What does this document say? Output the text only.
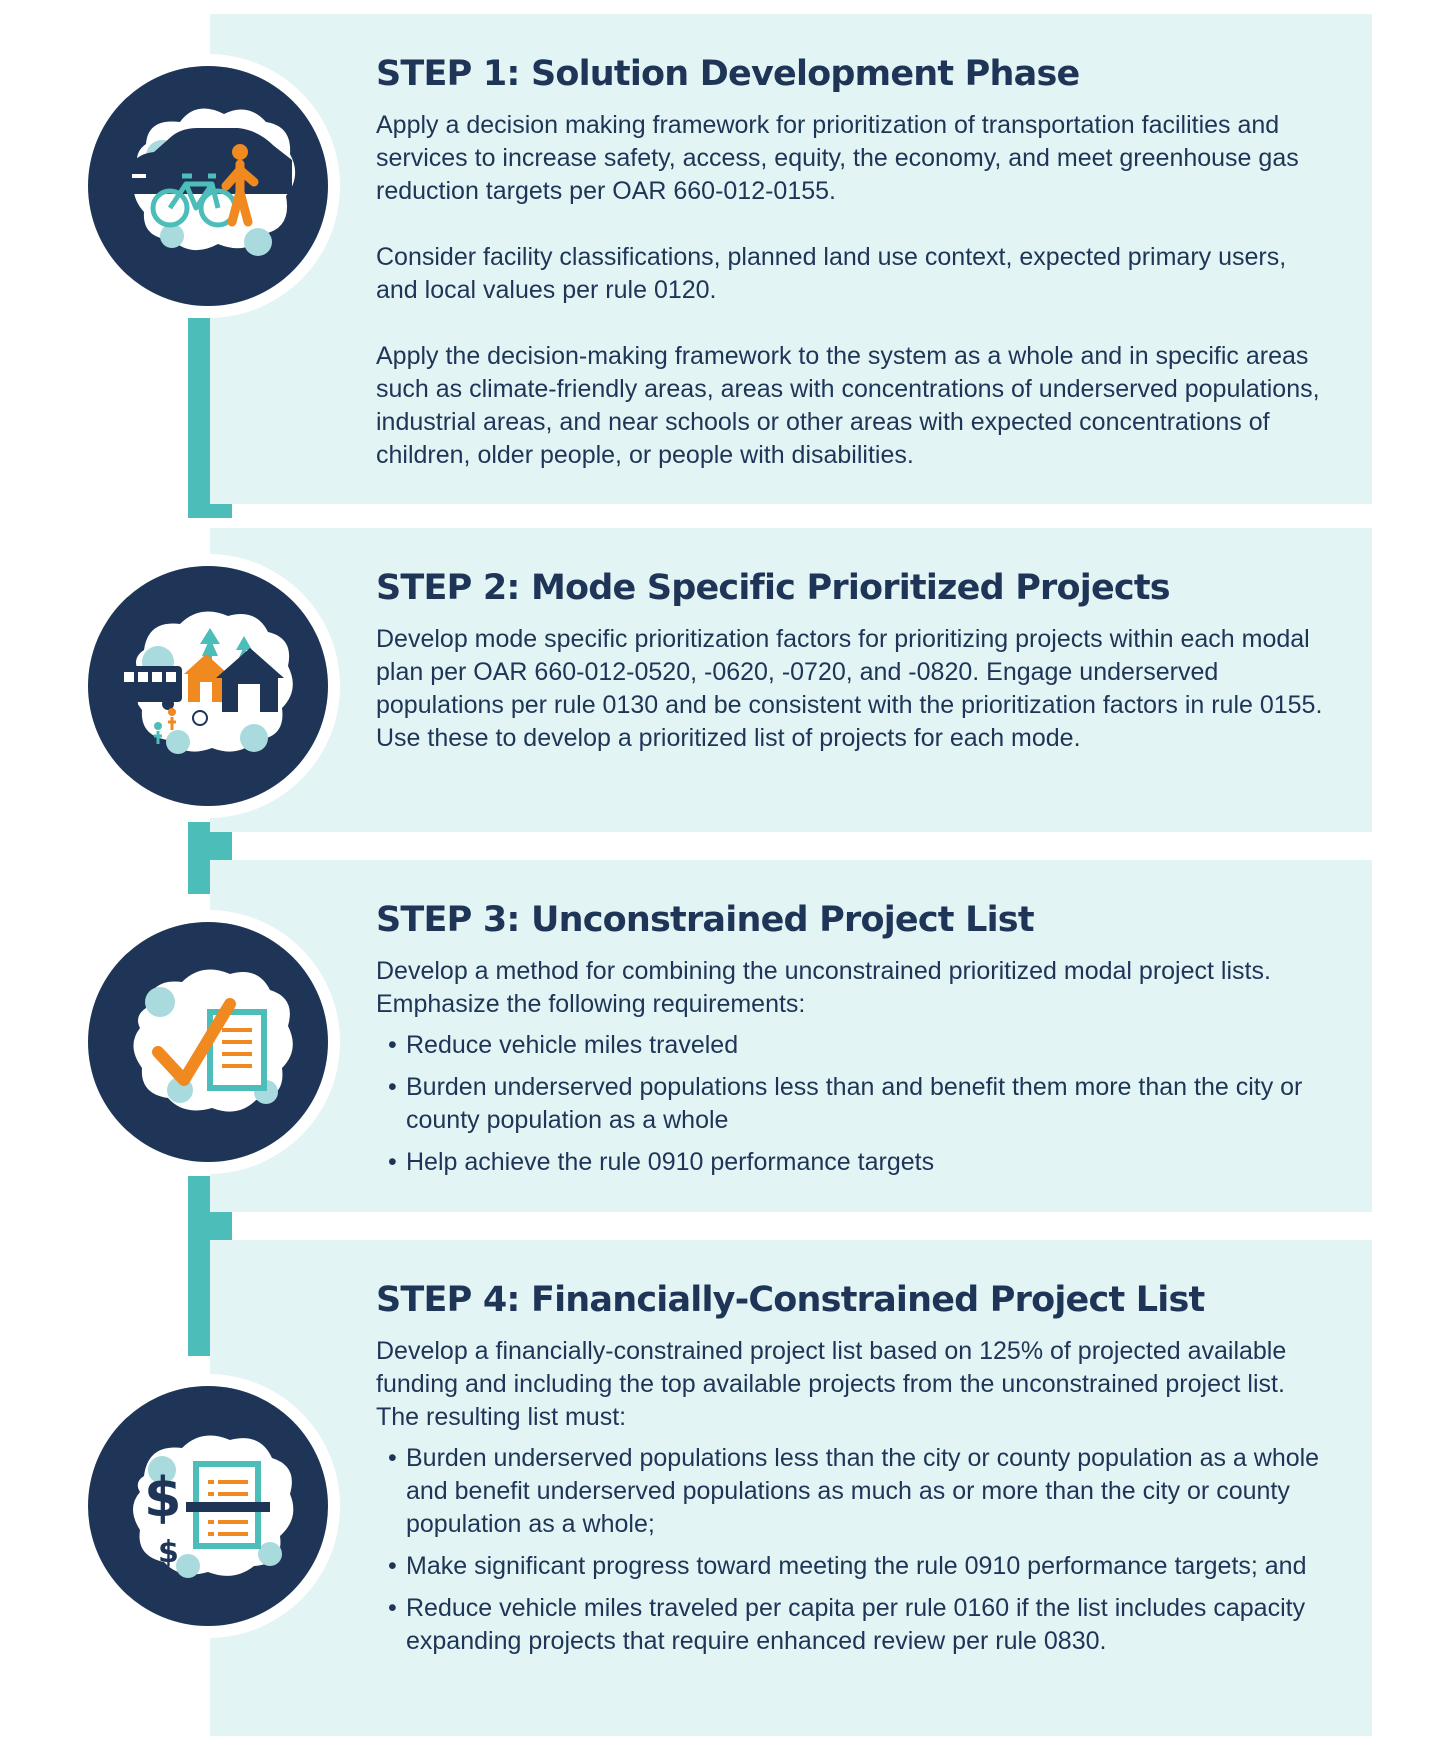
STEP 1: Solution Development Phase

Apply a decision making framework for prioritization of transportation facilities and services to increase safety, access, equity, the economy, and meet greenhouse gas reduction targets per OAR 660-012-0155.

Consider facility classifications, planned land use context, expected primary users, and local values per rule 0120.

Apply the decision-making framework to the system as a whole and in specific areas such as climate-friendly areas, areas with concentrations of underserved populations, industrial areas, and near schools or other areas with expected concentrations of children, older people, or people with disabilities.

STEP 2: Mode Specific Prioritized Projects

Develop mode specific prioritization factors for prioritizing projects within each modal plan per OAR 660-012-0520, -0620, -0720, and -0820. Engage underserved populations per rule 0130 and be consistent with the prioritization factors in rule 0155. Use these to develop a prioritized list of projects for each mode.

STEP 3: Unconstrained Project List

Develop a method for combining the unconstrained prioritized modal project lists. Emphasize the following requirements:

• Reduce vehicle miles traveled
• Burden underserved populations less than and benefit them more than the city or county population as a whole
• Help achieve the rule 0910 performance targets
STEP 4: Financially-Constrained Project List

Develop a financially-constrained project list based on 125% of projected available funding and including the top available projects from the unconstrained project list. The resulting list must:

• Burden underserved populations less than the city or county population as a whole and benefit underserved populations as much as or more than the city or county population as a whole;
• Make significant progress toward meeting the rule 0910 performance targets; and
• Reduce vehicle miles traveled per capita per rule 0160 if the list includes capacity expanding projects that require enhanced review per rule 0830.
$
$
